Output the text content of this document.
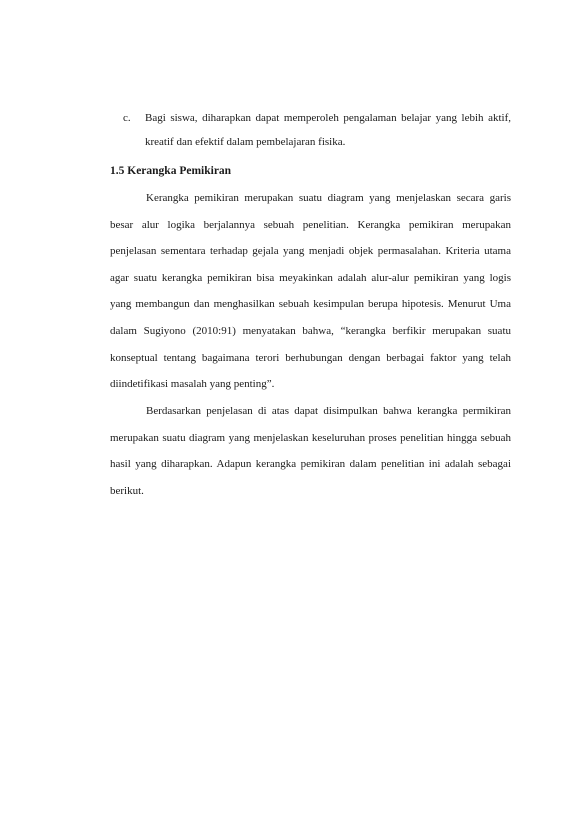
c. Bagi siswa, diharapkan dapat memperoleh pengalaman belajar yang lebih aktif, kreatif dan efektif dalam pembelajaran fisika.
1.5 Kerangka Pemikiran

Kerangka pemikiran merupakan suatu diagram yang menjelaskan secara garis besar alur logika berjalannya sebuah penelitian. Kerangka pemikiran merupakan penjelasan sementara terhadap gejala yang menjadi objek permasalahan. Kriteria utama agar suatu kerangka pemikiran bisa meyakinkan adalah alur-alur pemikiran yang logis yang membangun dan menghasilkan sebuah kesimpulan berupa hipotesis. Menurut Uma dalam Sugiyono (2010:91) menyatakan bahwa, “kerangka berfikir merupakan suatu konseptual tentang bagaimana terori berhubungan dengan berbagai faktor yang telah diindetifikasi masalah yang penting”.

Berdasarkan penjelasan di atas dapat disimpulkan bahwa kerangka permikiran merupakan suatu diagram yang menjelaskan keseluruhan proses penelitian hingga sebuah hasil yang diharapkan. Adapun kerangka pemikiran dalam penelitian ini adalah sebagai berikut.
